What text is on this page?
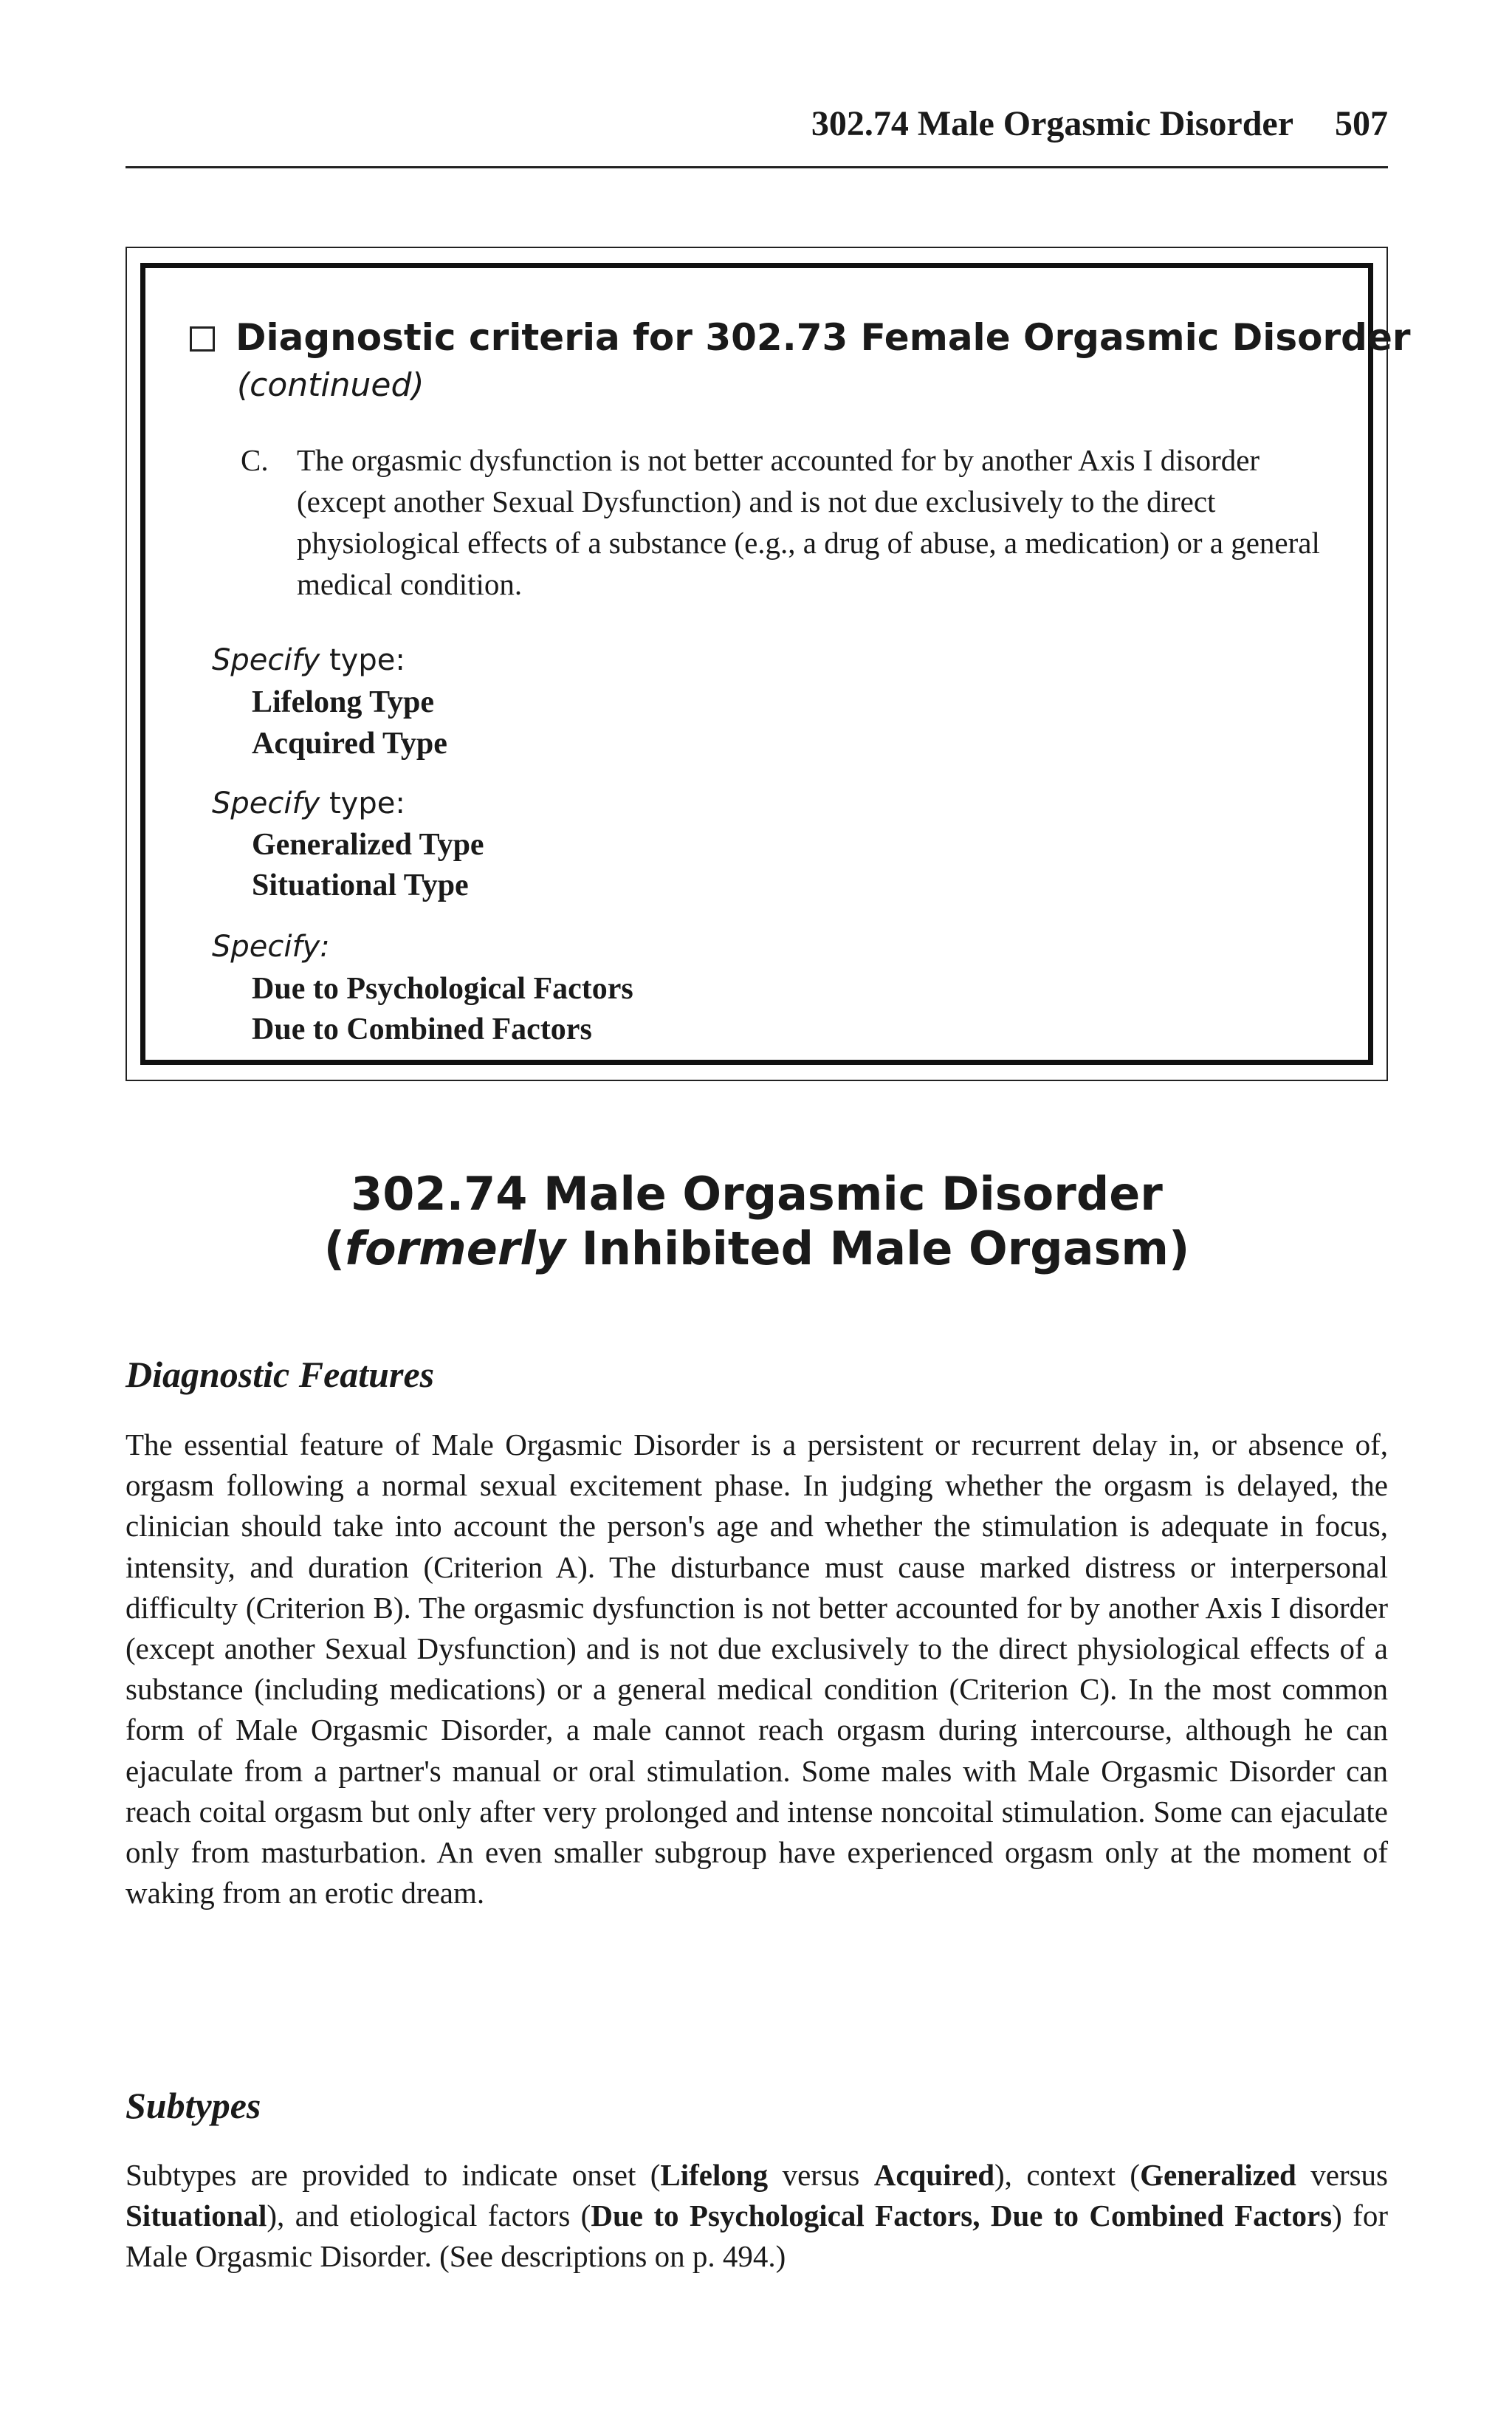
302.74 Male Orgasmic Disorder 507
Diagnostic criteria for 302.73 Female Orgasmic Disorder
(continued)
C. The orgasmic dysfunction is not better accounted for by another Axis I disorder (except another Sexual Dysfunction) and is not due exclusively to the direct physiological effects of a substance (e.g., a drug of abuse, a medication) or a general medical condition.
Specify type:
Lifelong Type
Acquired Type
Specify type:
Generalized Type
Situational Type
Specify:
Due to Psychological Factors
Due to Combined Factors
302.74 Male Orgasmic Disorder
(formerly Inhibited Male Orgasm)
Diagnostic Features

The essential feature of Male Orgasmic Disorder is a persistent or recurrent delay in, or absence of, orgasm following a normal sexual excitement phase. In judging whether the orgasm is delayed, the clinician should take into account the person's age and whether the stimulation is adequate in focus, intensity, and duration (Criterion A). The disturbance must cause marked distress or interpersonal difficulty (Criterion B). The orgasmic dysfunction is not better accounted for by another Axis I disorder (except another Sexual Dysfunction) and is not due exclusively to the direct physiological effects of a substance (including medications) or a general medical condition (Criterion C). In the most common form of Male Orgasmic Disorder, a male cannot reach orgasm during intercourse, although he can ejaculate from a partner's manual or oral stimulation. Some males with Male Orgasmic Disorder can reach coital orgasm but only after very prolonged and intense noncoital stimulation. Some can ejaculate only from masturbation. An even smaller subgroup have experienced orgasm only at the moment of waking from an erotic dream.

Subtypes

Subtypes are provided to indicate onset (Lifelong versus Acquired), context (Generalized versus Situational), and etiological factors (Due to Psychological Factors, Due to Combined Factors) for Male Orgasmic Disorder. (See descriptions on p. 494.)
